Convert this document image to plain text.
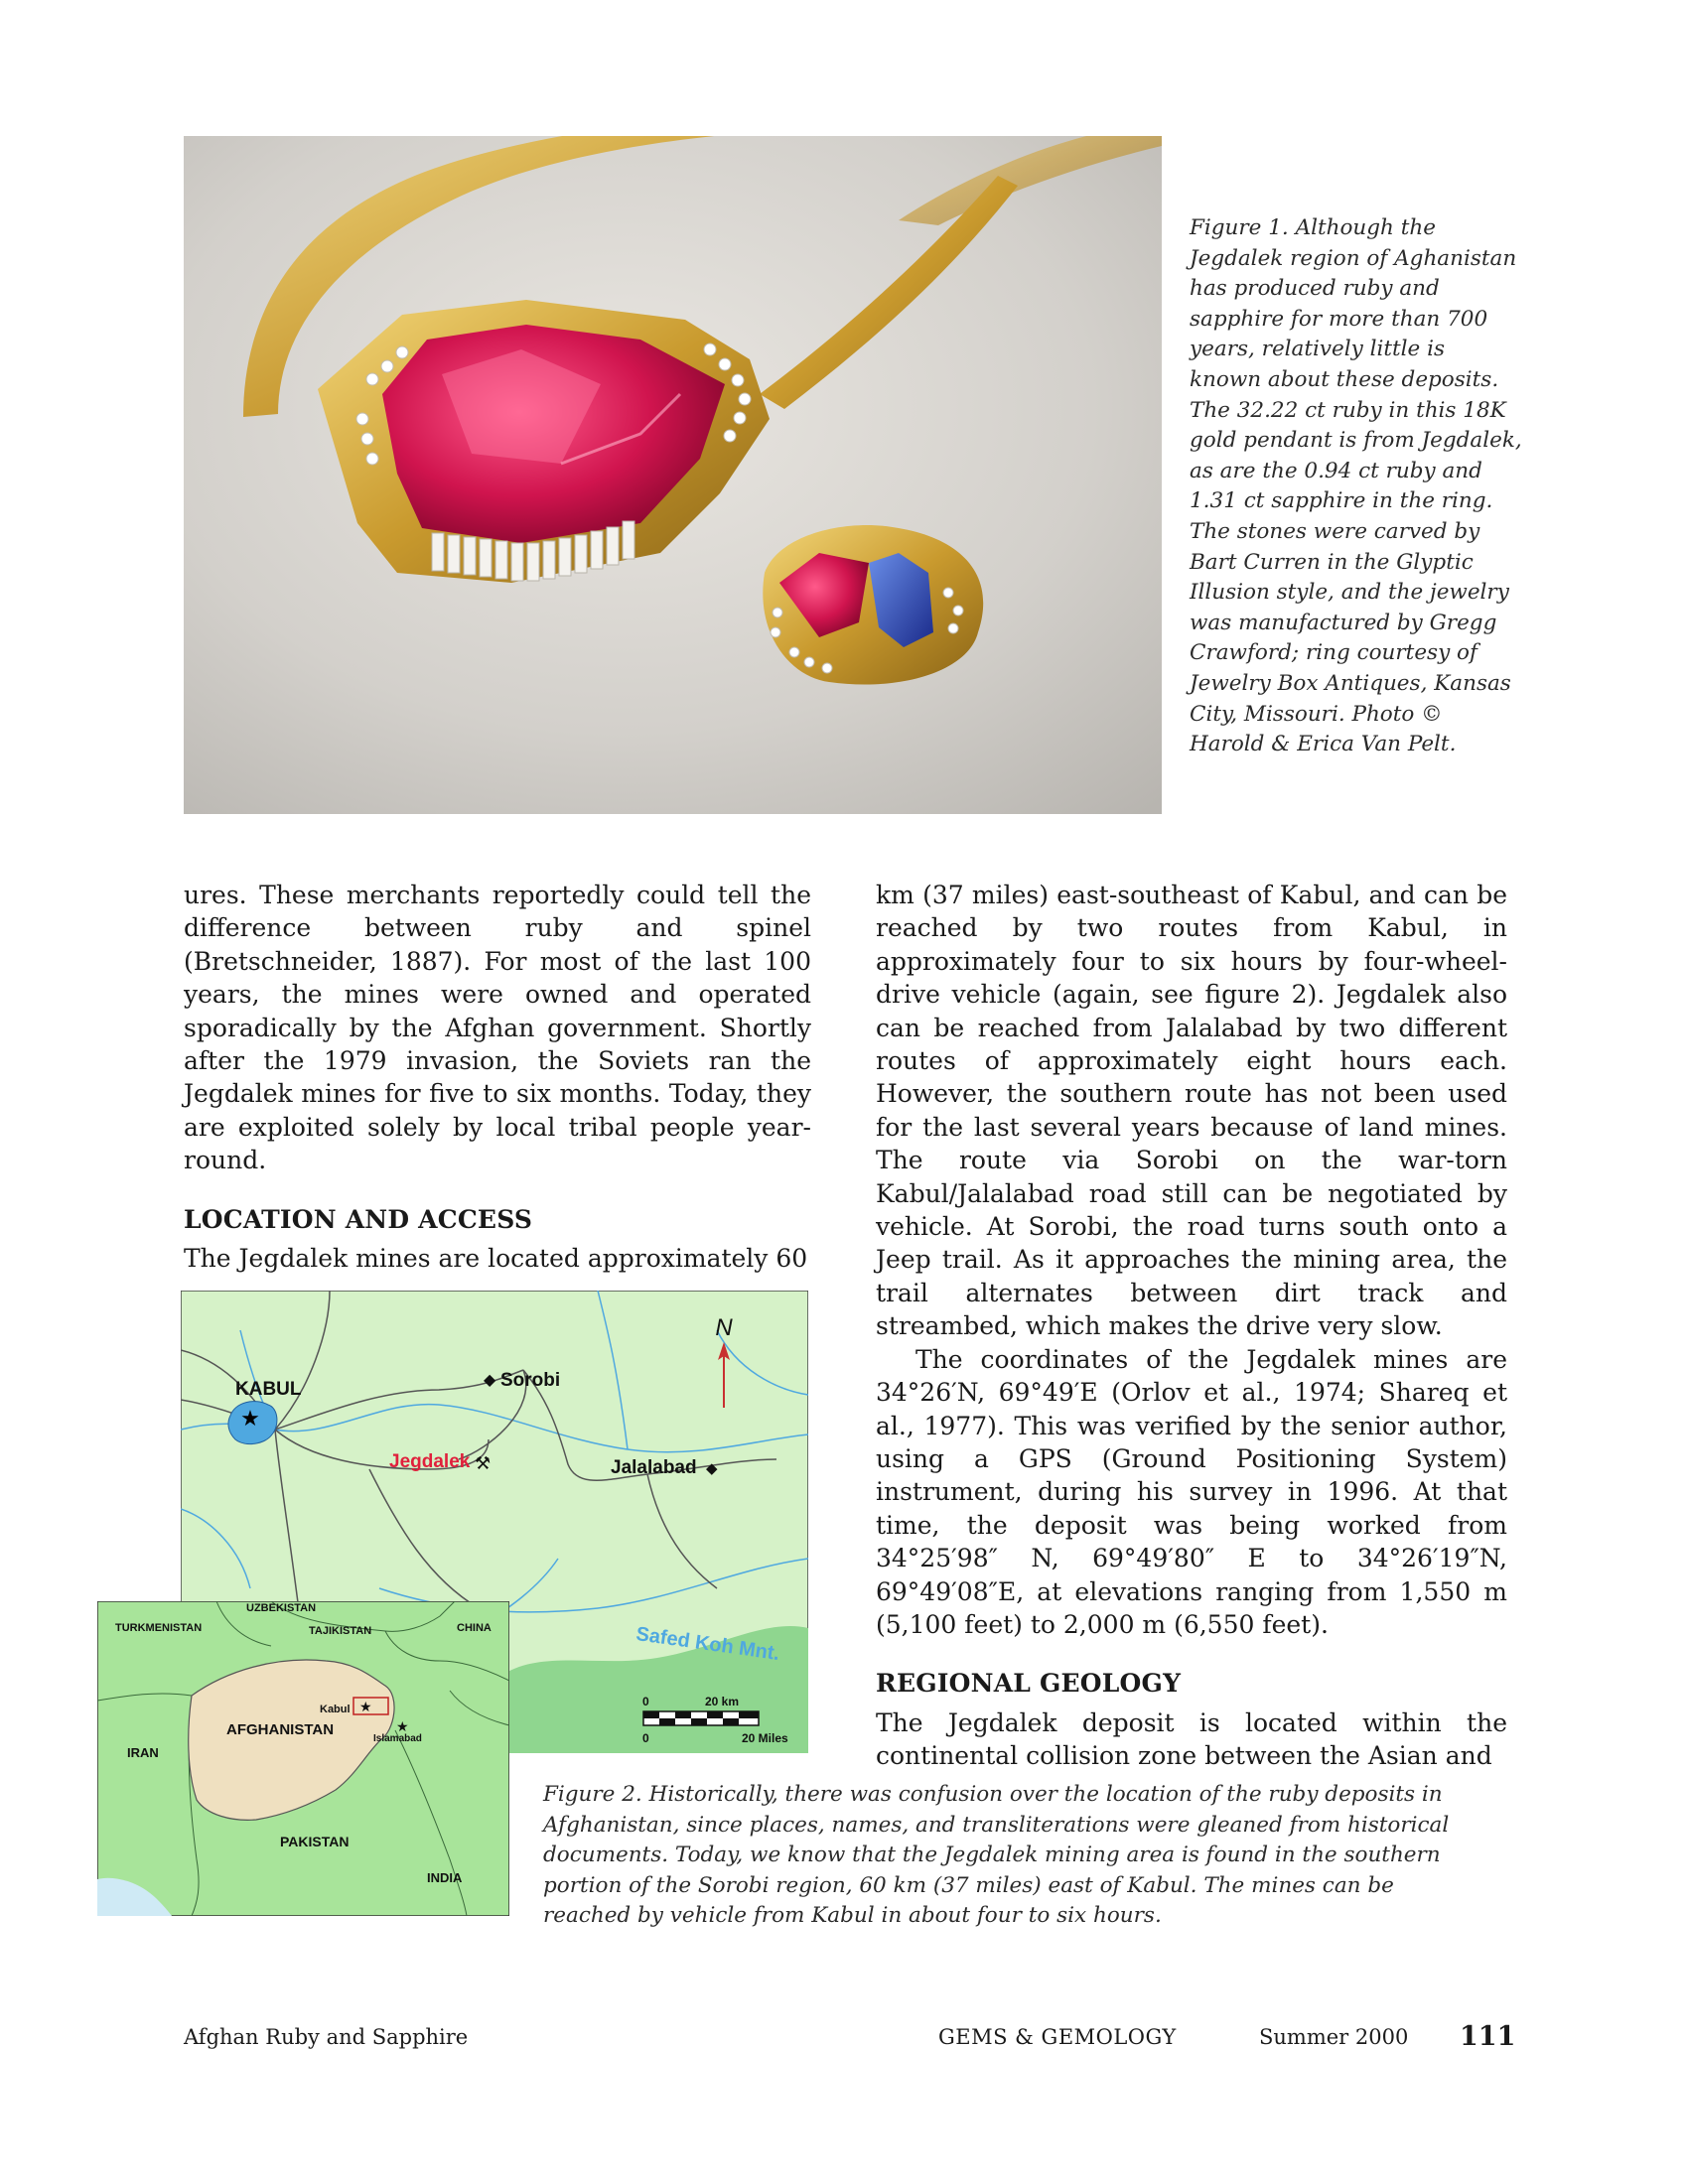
Figure 1. Although the Jegdalek region of Aghanistan has produced ruby and sapphire for more than 700 years, relatively little is known about these deposits. The 32.22 ct ruby in this 18K gold pendant is from Jegdalek, as are the 0.94 ct ruby and 1.31 ct sapphire in the ring. The stones were carved by Bart Curren in the Glyptic Illusion style, and the jewelry was manufactured by Gregg Crawford; ring courtesy of Jewelry Box Antiques, Kansas City, Missouri. Photo © Harold & Erica Van Pelt.

ures. These merchants reportedly could tell the difference between ruby and spinel (Bretschneider, 1887). For most of the last 100 years, the mines were owned and operated sporadically by the Afghan government. Shortly after the 1979 invasion, the Soviets ran the Jegdalek mines for five to six months. Today, they are exploited solely by local tribal people year-round.

LOCATION AND ACCESS

The Jegdalek mines are located approximately 60

km (37 miles) east-southeast of Kabul, and can be reached by two routes from Kabul, in approximately four to six hours by four-wheel-drive vehicle (again, see figure 2). Jegdalek also can be reached from Jalalabad by two different routes of approximately eight hours each. However, the southern route has not been used for the last several years because of land mines. The route via Sorobi on the war-torn Kabul/Jalalabad road still can be negotiated by vehicle. At Sorobi, the road turns south onto a Jeep trail. As it approaches the mining area, the trail alternates between dirt track and streambed, which makes the drive very slow.

The coordinates of the Jegdalek mines are 34°26′N, 69°49′E (Orlov et al., 1974; Shareq et al., 1977). This was verified by the senior author, using a GPS (Ground Positioning System) instrument, during his survey in 1996. At that time, the deposit was being worked from 34°25′98″ N, 69°49′80″ E to 34°26′19″N, 69°49′08″E, at elevations ranging from 1,550 m (5,100 feet) to 2,000 m (6,550 feet).

REGIONAL GEOLOGY

The Jegdalek deposit is located within the continental collision zone between the Asian and

★
KABUL	◆ Sorobi
Jegdalek ⚒	Jalalabad ◆
Safed Koh Mnt.
N
0	20 km
0	20 Miles
★
★
UZBEKISTAN
TURKMENISTAN	TAJIKISTAN	CHINA
Kabul
AFGHANISTAN
Islamabad
IRAN
PAKISTAN
INDIA
Figure 2. Historically, there was confusion over the location of the ruby deposits in Afghanistan, since places, names, and transliterations were gleaned from historical documents. Today, we know that the Jegdalek mining area is found in the southern portion of the Sorobi region, 60 km (37 miles) east of Kabul. The mines can be reached by vehicle from Kabul in about four to six hours.
Afghan Ruby and Sapphire	GEMS & GEMOLOGY	Summer 2000 111
